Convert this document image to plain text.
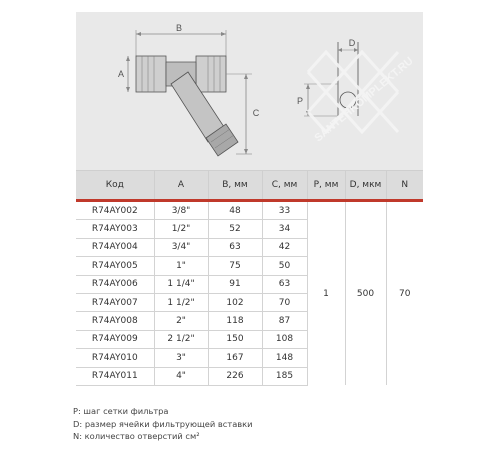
B
A
C
D
P SANTEHKOMPLEKT.RU
Код	A	B, мм	C, мм	P, мм	D, мкм	N
R74AY002	3/8"	48	33	1	500	70
R74AY003	1/2"	52	34			
R74AY004	3/4"	63	42			
R74AY005	1"	75	50			
R74AY006	1 1/4"	91	63			
R74AY007	1 1/2"	102	70			
R74AY008	2"	118	87			
R74AY009	2 1/2"	150	108			
R74AY010	3"	167	148			
R74AY011	4"	226	185			
P: шаг сетки фильтра
D: размер ячейки фильтрующей вставки
N: количество отверстий см²
